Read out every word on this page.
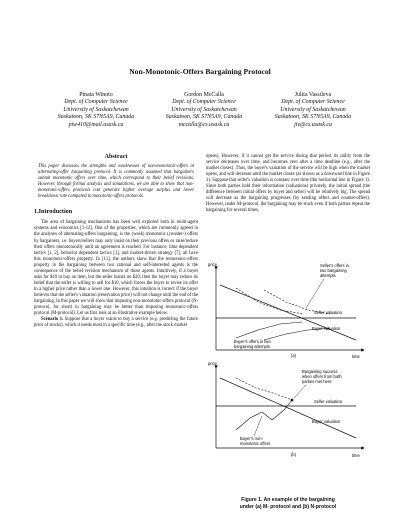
Non-Monotonic-Offers Bargaining Protocol
Pinata Winoto
Dept. of Computer Science
University of Saskatchewan
Saskatoon, SK S7N5A9, Canada
piw410@mail.usask.ca
Gordon McCalla
Dept. of Computer Science
University of Saskatchewan
Saskatoon, SK S7N5A9, Canada
mccalla@cs.usask.ca
Julita Vassileva
Dept. of Computer Science
University of Saskatchewan
Saskatoon, SK S7N5A9, Canada
jiv@cs.usask.ca
Abstract

This paper discusses the strengths and weaknesses of non-monotonic-offers in alternating-offer bargaining protocol. It is commonly assumed that bargainers submit monotonic offers over time, which correspond to their belief revisions. However, through formal analysis and simulations, we are able to show that non-monotonic-offers protocols can generate higher average surplus and lower breakdown rate compared to monotonic-offers protocols.

1.Introduction

The area of bargaining mechanisms has been well explored both in multi-agent systems and economics [1-12]. One of the properties, which are commonly agreed in the analyses of alternating-offers bargaining, is the (weak) monotonic (counter-) offers by bargainers, i.e. buyers/sellers may only insist on their previous offers or raise/reduce their offers monotonically until an agreement is reached. For instance, time dependent tactics [1, 2], behavior dependent tactics [1], and market-driven strategy [7], all have this monotonic-offers property. In [11], the authors show that the monotonic-offers property in the bargaining between two rational and self-interested agents is the consequence of the belief revision mechanism of those agents. Intuitively, if a buyer asks for $10 to buy an item, but the seller insists on $20, then the buyer may reduce its belief that the seller is willing to sell for $10, which forces the buyer to revise its offer to a higher price rather than a lower one. However, this intuition is correct if the buyer believes that the seller's valuation (reservation price) will not change until the end of the bargaining. In this paper we will show that imposing non-monotonic-offers protocol (N-protocol, for short) in bargaining may be better than imposing monotonic-offers protocol (M-protocol). Let us first look at an illustrative example below.

Scenario 1. Suppose that a buyer wants to buy a service (e.g. predicting the future price of stocks), which it needs most in a specific time (e.g., after the stock market

opens). However, if it cannot get the service during that period, its utility from the service decreases over time, and becomes zero after a time deadline (e.g., after the market closes). Thus, the buyer's valuation of the service will be high when the market opens, and will decrease until the market closes (as shown as a downward line in Figure 1). Suppose that seller's valuation is constant over time (the horizontal line in Figure 1). Since both parties hold their information (valuations) privately, the initial spread (the difference between initial offers by buyer and seller) will be relatively big. The spread will decrease as the bargaining progresses (by sending offers and counter-offers). However, under M-protocol, the bargaining may be stuck even if both parties repeat the bargaining for several times,

price
time
(a)
Seller's offers in two bargaining attempts
Seller valuation
Buyer valuation
Buyer's offers in two bargaining attempts
price
time
(b)
Bargaining success when offers from both parties met here
Seller valuation
Buyer valuation
Buyer's non- monotonic offers
Figure 1. An example of the bargaining
under (a) M- protocol and (b) N-protocol
